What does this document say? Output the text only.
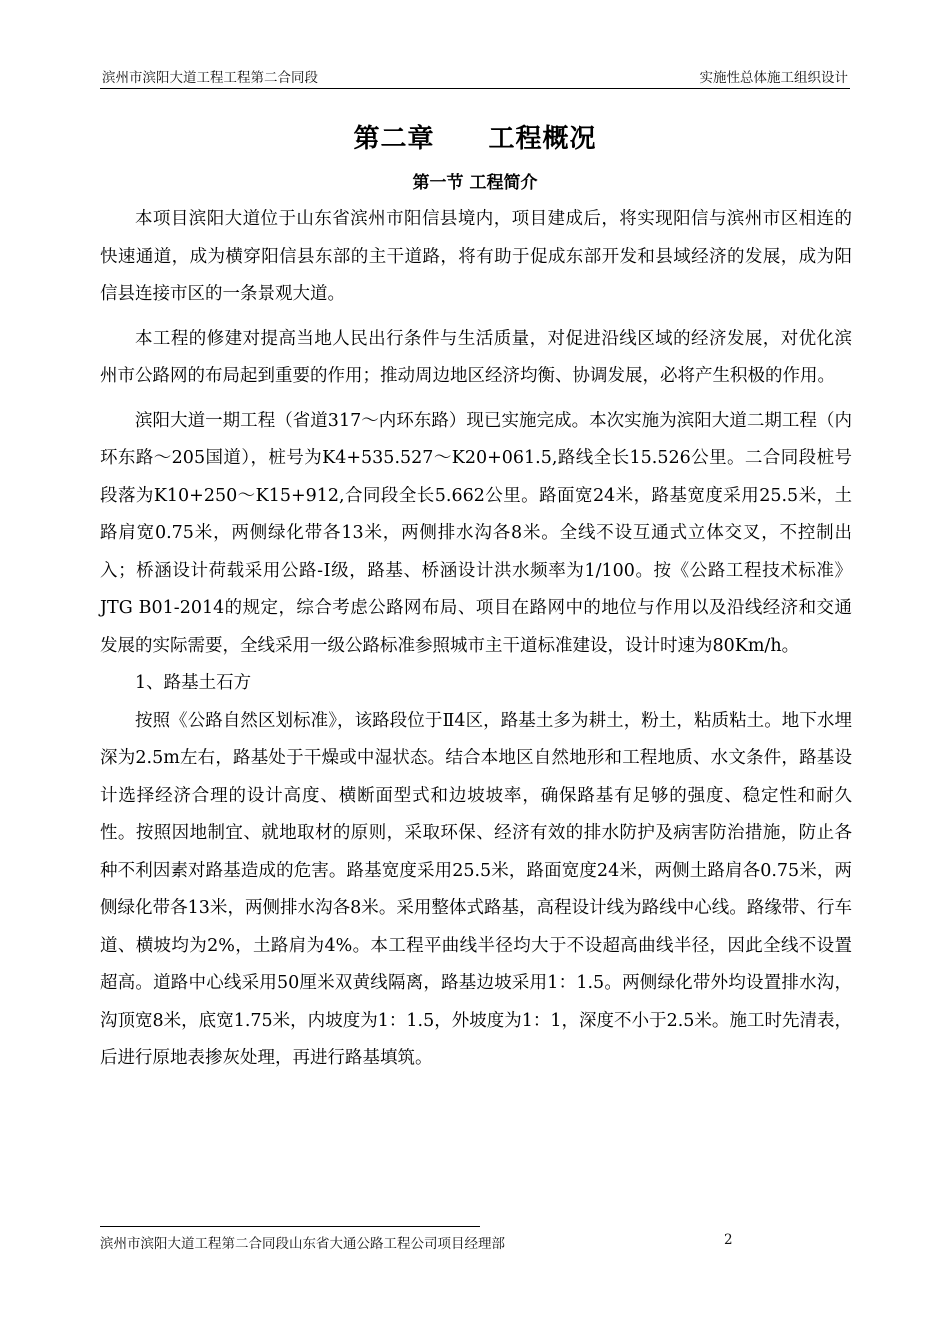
滨州市滨阳大道工程工程第二合同段	实施性总体施工组织设计
第二章　　工程概况
第一节 工程简介

本项目滨阳大道位于山东省滨州市阳信县境内，项目建成后，将实现阳信与滨州市区相连的快速通道，成为横穿阳信县东部的主干道路，将有助于促成东部开发和县域经济的发展，成为阳信县连接市区的一条景观大道。

本工程的修建对提高当地人民出行条件与生活质量，对促进沿线区域的经济发展，对优化滨州市公路网的布局起到重要的作用；推动周边地区经济均衡、协调发展，必将产生积极的作用。

滨阳大道一期工程（省道317～内环东路）现已实施完成。本次实施为滨阳大道二期工程（内环东路～205国道），桩号为K4+535.527～K20+061.5,路线全长15.526公里。二合同段桩号段落为K10+250～K15+912,合同段全长5.662公里。路面宽24米，路基宽度采用25.5米，土路肩宽0.75米，两侧绿化带各13米，两侧排水沟各8米。全线不设互通式立体交叉，不控制出入；桥涵设计荷载采用公路-Ⅰ级，路基、桥涵设计洪水频率为1/100。按《公路工程技术标准》JTG B01-2014的规定，综合考虑公路网布局、项目在路网中的地位与作用以及沿线经济和交通发展的实际需要，全线采用一级公路标准参照城市主干道标准建设，设计时速为80Km/h。

1、路基土石方

按照《公路自然区划标准》，该路段位于Ⅱ4区，路基土多为耕土，粉土，粘质粘土。地下水埋深为2.5m左右，路基处于干燥或中湿状态。结合本地区自然地形和工程地质、水文条件，路基设计选择经济合理的设计高度、横断面型式和边坡坡率，确保路基有足够的强度、稳定性和耐久性。按照因地制宜、就地取材的原则，采取环保、经济有效的排水防护及病害防治措施，防止各种不利因素对路基造成的危害。路基宽度采用25.5米，路面宽度24米，两侧土路肩各0.75米，两侧绿化带各13米，两侧排水沟各8米。采用整体式路基，高程设计线为路线中心线。路缘带、行车道、横坡均为2%，土路肩为4%。本工程平曲线半径均大于不设超高曲线半径，因此全线不设置超高。道路中心线采用50厘米双黄线隔离，路基边坡采用1：1.5。两侧绿化带外均设置排水沟，沟顶宽8米，底宽1.75米，内坡度为1：1.5，外坡度为1：1，深度不小于2.5米。施工时先清表，后进行原地表掺灰处理，再进行路基填筑。

滨州市滨阳大道工程第二合同段山东省大通公路工程公司项目经理部	2
